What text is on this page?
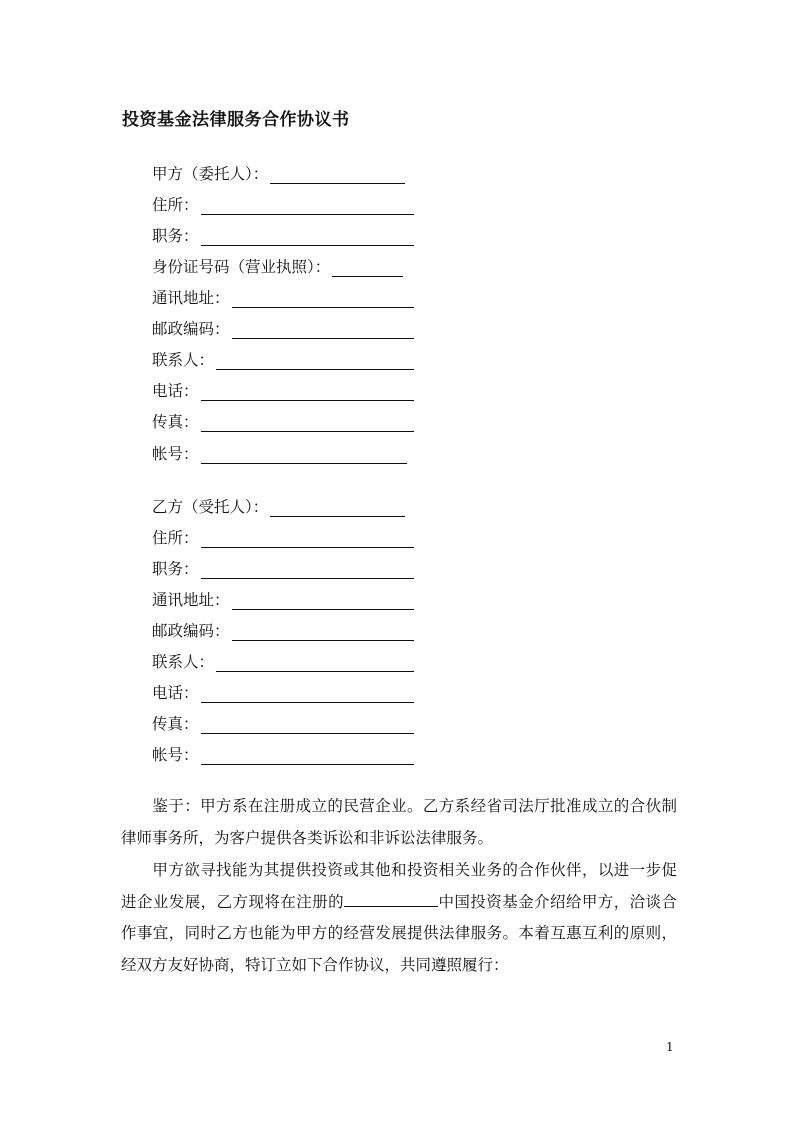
投资基金法律服务合作协议书
甲方（委托人）：
住所：
职务：
身份证号码（营业执照）：
通讯地址：
邮政编码：
联系人：
电话：
传真：
帐号：
乙方（受托人）：
住所：
职务：
通讯地址：
邮政编码：
联系人：
电话：
传真：
帐号：
鉴于：甲方系在注册成立的民营企业。乙方系经省司法厅批准成立的合伙制律师事务所，为客户提供各类诉讼和非诉讼法律服务。
甲方欲寻找能为其提供投资或其他和投资相关业务的合作伙伴，以进一步促进企业发展，乙方现将在注册的	中国投资基金介绍给甲方，洽谈合作事宜，同时乙方也能为甲方的经营发展提供法律服务。本着互惠互利的原则，经双方友好协商，特订立如下合作协议，共同遵照履行：
1
